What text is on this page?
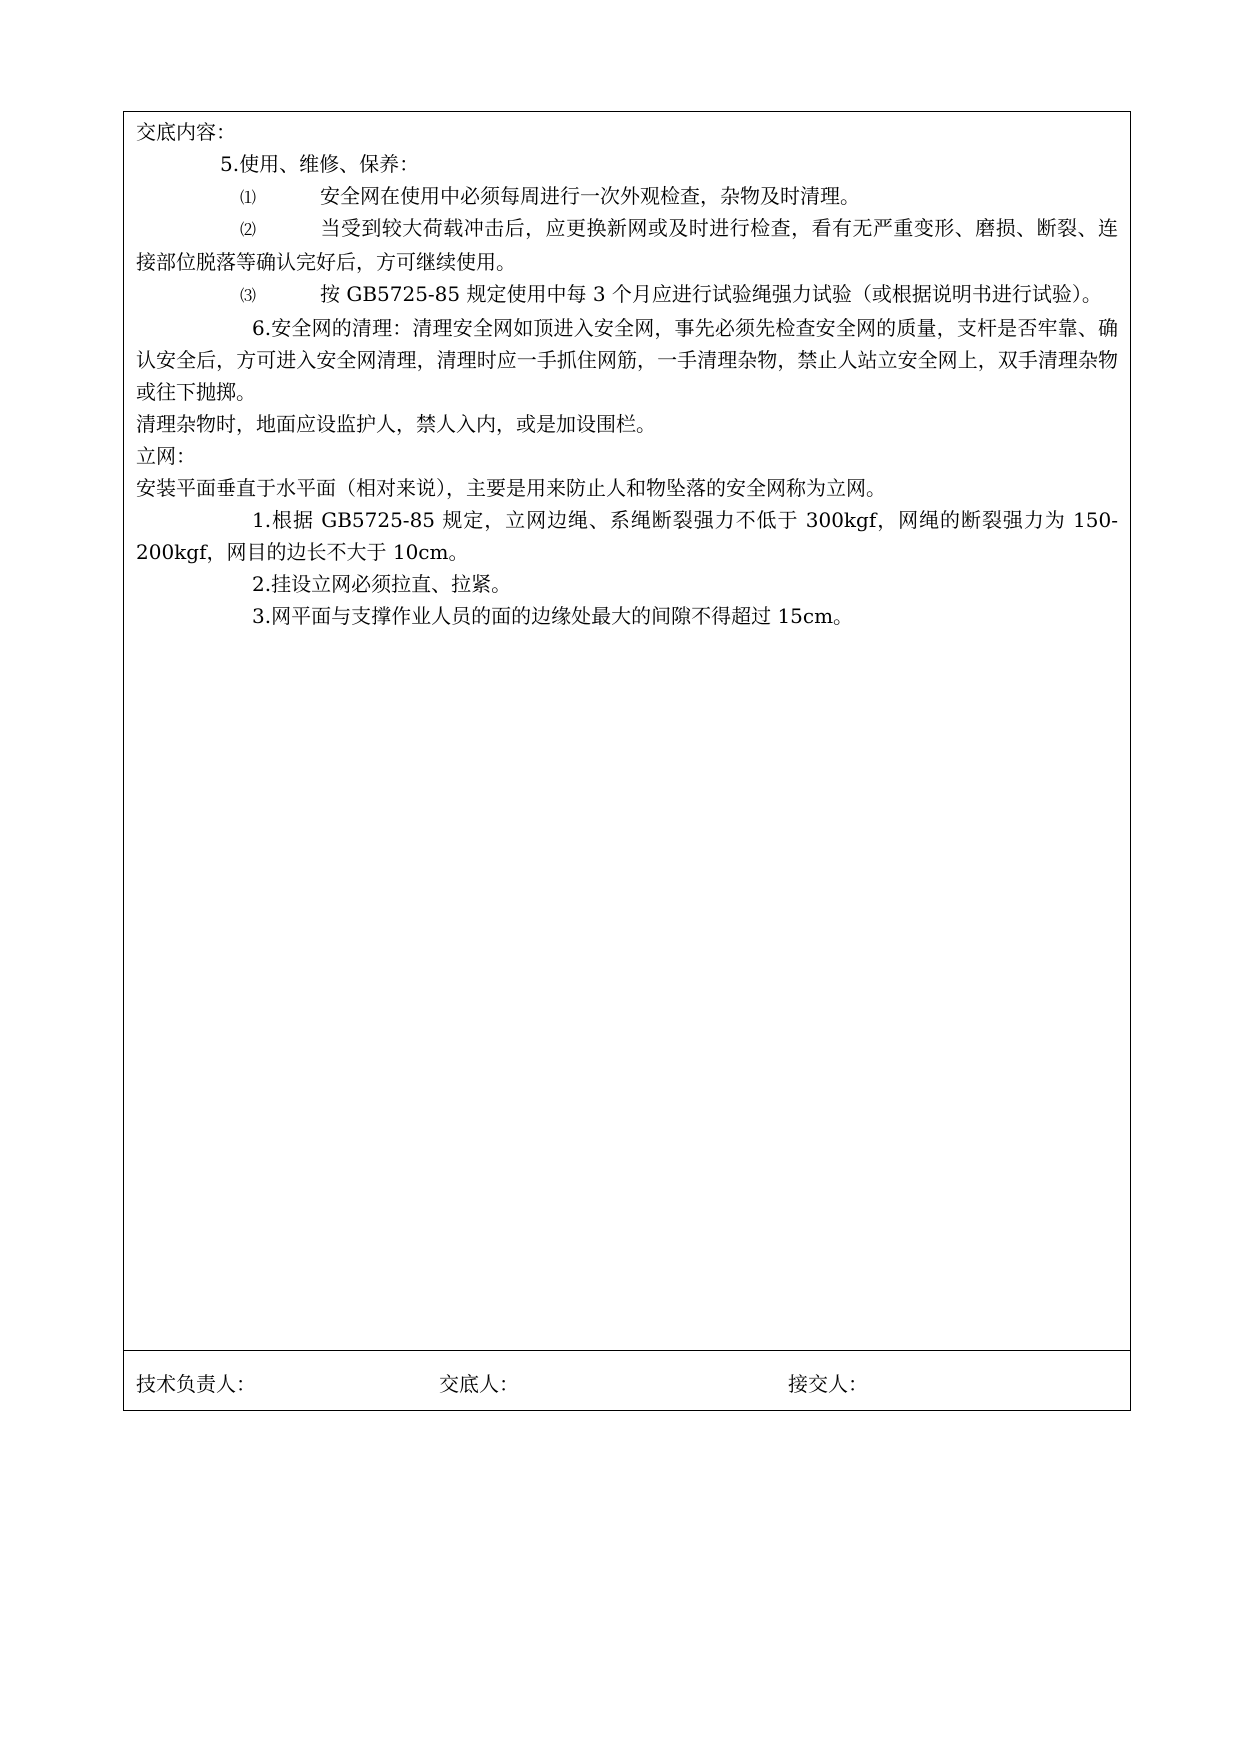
交底内容：

5.使用、维修、保养：

⑴	安全网在使用中必须每周进行一次外观检查，杂物及时清理。

⑵	当受到较大荷载冲击后，应更换新网或及时进行检查，看有无严重变形、磨损、断裂、连接部位脱落等确认完好后，方可继续使用。

⑶	按 GB5725-85 规定使用中每 3 个月应进行试验绳强力试验（或根据说明书进行试验）。

6.安全网的清理：清理安全网如顶进入安全网，事先必须先检查安全网的质量，支杆是否牢靠、确认安全后，方可进入安全网清理，清理时应一手抓住网筋，一手清理杂物，禁止人站立安全网上，双手清理杂物或往下抛掷。

清理杂物时，地面应设监护人，禁人入内，或是加设围栏。

立网：

安装平面垂直于水平面（相对来说），主要是用来防止人和物坠落的安全网称为立网。

1.根据 GB5725-85 规定，立网边绳、系绳断裂强力不低于 300kgf，网绳的断裂强力为 150-200kgf，网目的边长不大于 10cm。

2.挂设立网必须拉直、拉紧。

3.网平面与支撑作业人员的面的边缘处最大的间隙不得超过 15cm。

技术负责人：	交底人：	接交人：
